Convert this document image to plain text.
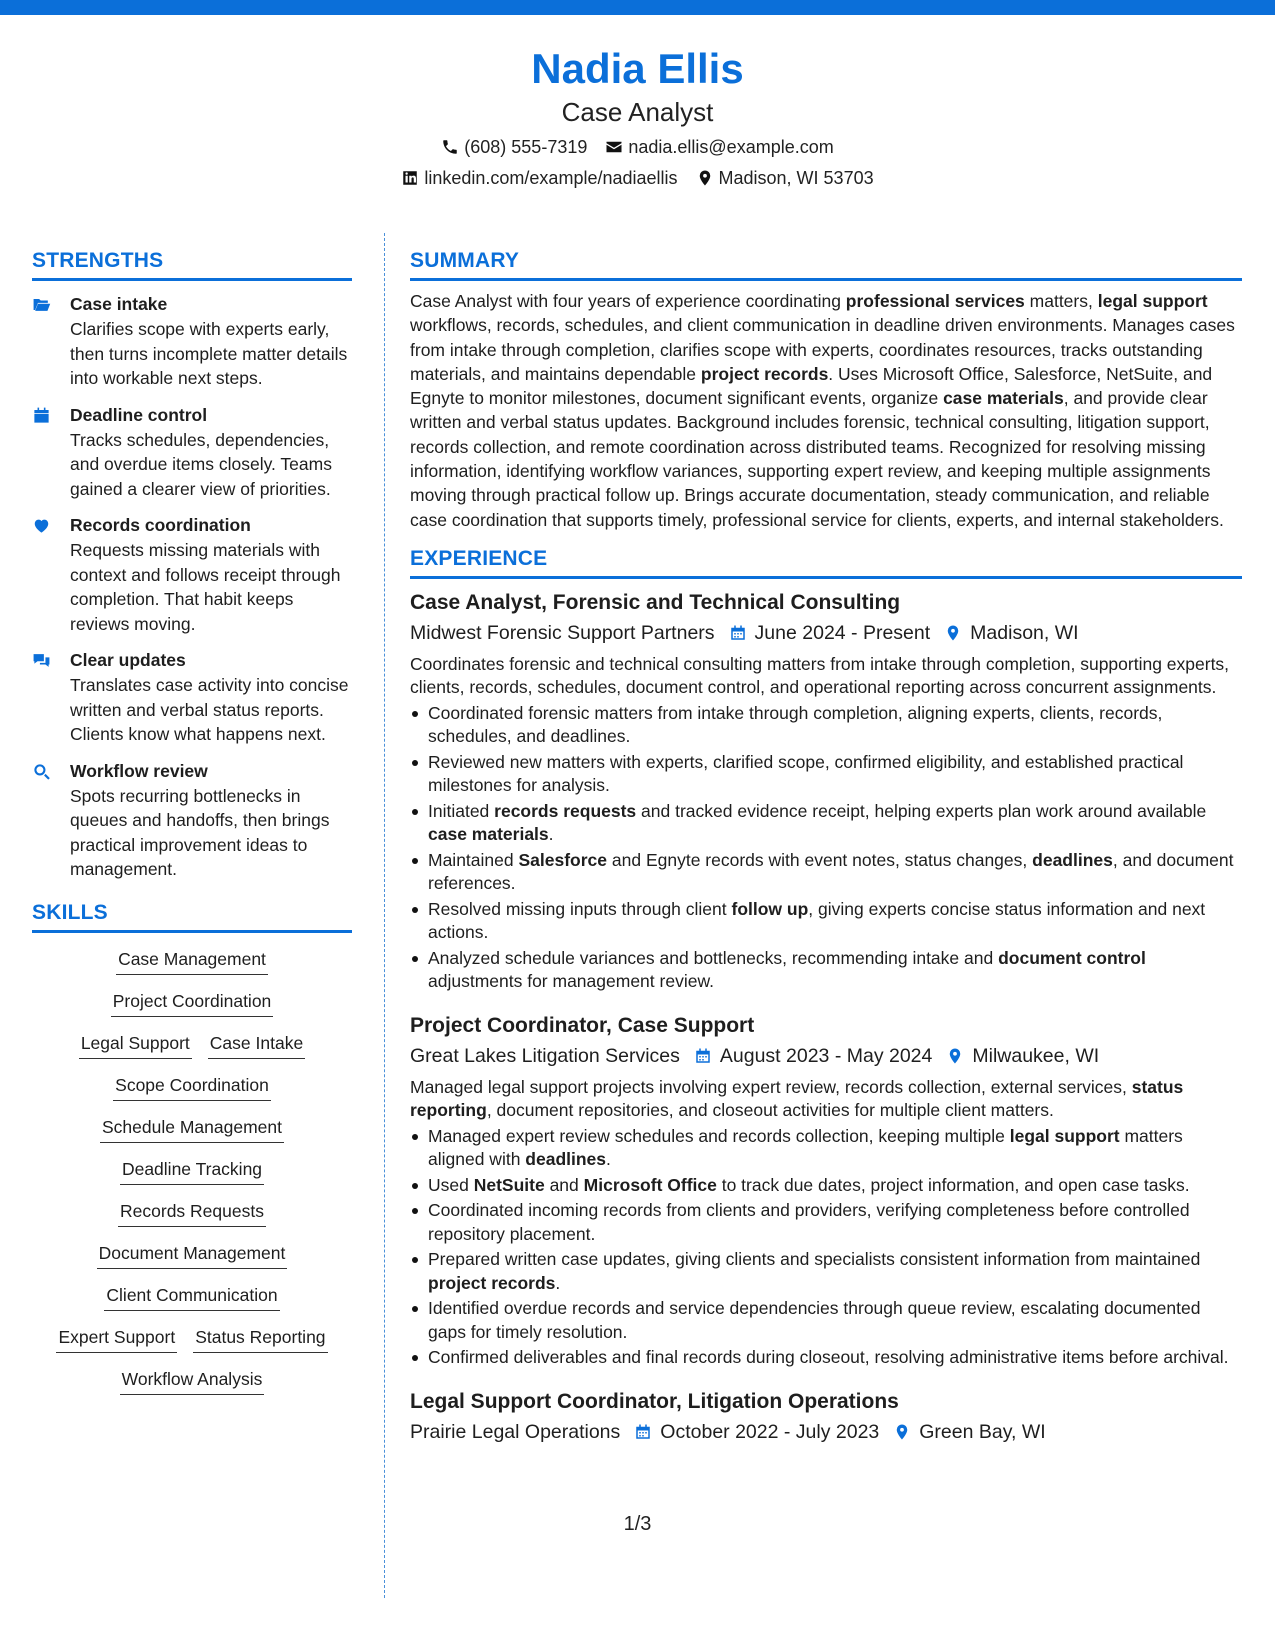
Nadia Ellis
Case Analyst
(608) 555-7319 nadia.ellis@example.com
linkedin.com/example/nadiaellis Madison, WI 53703
STRENGTHS
Case intake
Clarifies scope with experts early, then turns incomplete matter details into workable next steps.
Deadline control
Tracks schedules, dependencies, and overdue items closely. Teams gained a clearer view of priorities.
Records coordination
Requests missing materials with context and follows receipt through completion. That habit keeps reviews moving.
Clear updates
Translates case activity into concise written and verbal status reports. Clients know what happens next.
Workflow review
Spots recurring bottlenecks in queues and handoffs, then brings practical improvement ideas to management.
SKILLS
Case Management
Project Coordination
Legal Support Case Intake
Scope Coordination
Schedule Management
Deadline Tracking
Records Requests
Document Management
Client Communication
Expert Support Status Reporting
Workflow Analysis
SUMMARY
Case Analyst with four years of experience coordinating professional services matters, legal support workflows, records, schedules, and client communication in deadline driven environments. Manages cases from intake through completion, clarifies scope with experts, coordinates resources, tracks outstanding materials, and maintains dependable project records. Uses Microsoft Office, Salesforce, NetSuite, and Egnyte to monitor milestones, document significant events, organize case materials, and provide clear written and verbal status updates. Background includes forensic, technical consulting, litigation support, records collection, and remote coordination across distributed teams. Recognized for resolving missing information, identifying workflow variances, supporting expert review, and keeping multiple assignments moving through practical follow up. Brings accurate documentation, steady communication, and reliable case coordination that supports timely, professional service for clients, experts, and internal stakeholders.
EXPERIENCE
Case Analyst, Forensic and Technical Consulting
Midwest Forensic Support Partners June 2024 - Present Madison, WI
Coordinates forensic and technical consulting matters from intake through completion, supporting experts, clients, records, schedules, document control, and operational reporting across concurrent assignments.
Coordinated forensic matters from intake through completion, aligning experts, clients, records, schedules, and deadlines.
Reviewed new matters with experts, clarified scope, confirmed eligibility, and established practical milestones for analysis.
Initiated records requests and tracked evidence receipt, helping experts plan work around available case materials.
Maintained Salesforce and Egnyte records with event notes, status changes, deadlines, and document references.
Resolved missing inputs through client follow up, giving experts concise status information and next actions.
Analyzed schedule variances and bottlenecks, recommending intake and document control adjustments for management review.
Project Coordinator, Case Support
Great Lakes Litigation Services August 2023 - May 2024 Milwaukee, WI
Managed legal support projects involving expert review, records collection, external services, status reporting, document repositories, and closeout activities for multiple client matters.
Managed expert review schedules and records collection, keeping multiple legal support matters aligned with deadlines.
Used NetSuite and Microsoft Office to track due dates, project information, and open case tasks.
Coordinated incoming records from clients and providers, verifying completeness before controlled repository placement.
Prepared written case updates, giving clients and specialists consistent information from maintained project records.
Identified overdue records and service dependencies through queue review, escalating documented gaps for timely resolution.
Confirmed deliverables and final records during closeout, resolving administrative items before archival.
Legal Support Coordinator, Litigation Operations
Prairie Legal Operations October 2022 - July 2023 Green Bay, WI
1/3
